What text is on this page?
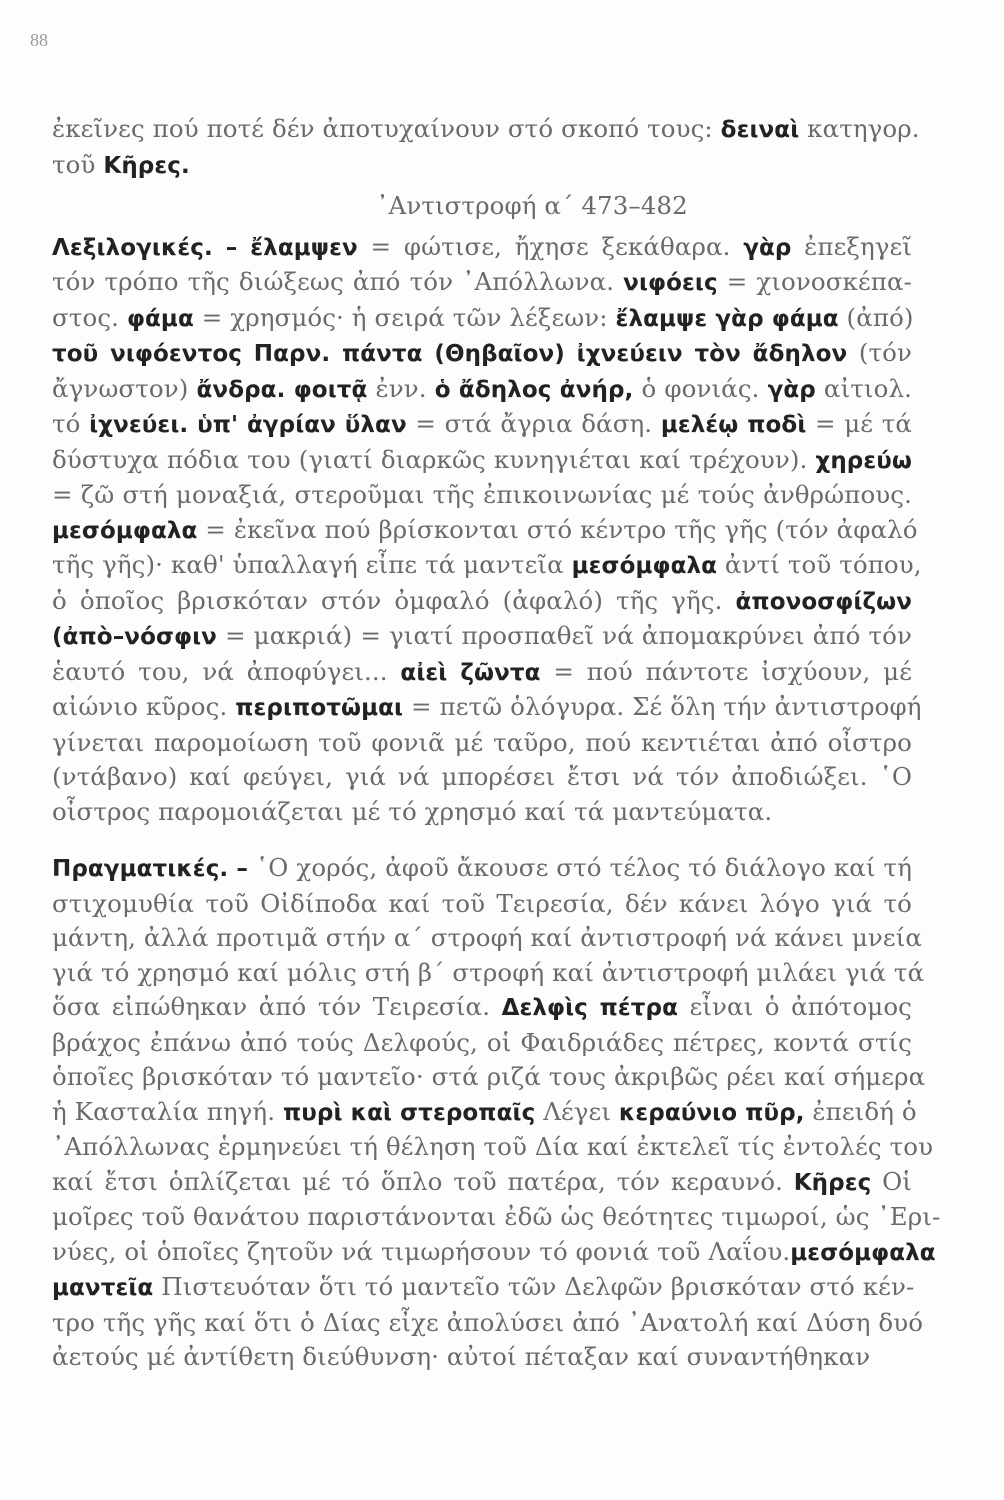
88
ἐκεῖνες πού ποτέ δέν ἀποτυχαίνουν στό σκοπό τους: δειναὶ κατηγορ.
τοῦ Κῆρες.
᾿Αντιστροφή α΄ 473–482
Λεξιλογικές. – ἔλαμψεν = φώτισε, ἤχησε ξεκάθαρα. γὰρ ἐπεξηγεῖ
τόν τρόπο τῆς διώξεως ἀπό τόν ᾿Απόλλωνα. νιφόεις = χιονοσκέπα-
στος. φάμα = χρησμός· ἡ σειρά τῶν λέξεων: ἔλαμψε γὰρ φάμα (ἀπό)
τοῦ νιφόεντος Παρν. πάντα (Θηβαῖον) ἰχνεύειν τὸν ἄδηλον (τόν
ἄγνωστον) ἄνδρα. φοιτᾷ ἐνν. ὁ ἄδηλος ἀνήρ, ὁ φονιάς. γὰρ αἰτιολ.
τό ἰχνεύει. ὑπ' ἀγρίαν ὕλαν = στά ἄγρια δάση. μελέῳ ποδὶ = μέ τά
δύστυχα πόδια του (γιατί διαρκῶς κυνηγιέται καί τρέχουν). χηρεύω
= ζῶ στή μοναξιά, στεροῦμαι τῆς ἐπικοινωνίας μέ τούς ἀνθρώπους.
μεσόμφαλα = ἐκεῖνα πού βρίσκονται στό κέντρο τῆς γῆς (τόν ἀφαλό
τῆς γῆς)· καθ' ὑπαλλαγή εἶπε τά μαντεῖα μεσόμφαλα ἀντί τοῦ τόπου,
ὁ ὁποῖος βρισκόταν στόν ὀμφαλό (ἀφαλό) τῆς γῆς. ἀπονοσφίζων
(ἀπὸ–νόσφιν = μακριά) = γιατί προσπαθεῖ νά ἀπομακρύνει ἀπό τόν
ἑαυτό του, νά ἀποφύγει... αἰεὶ ζῶντα = πού πάντοτε ἰσχύουν, μέ
αἰώνιο κῦρος. περιποτῶμαι = πετῶ ὁλόγυρα. Σέ ὅλη τήν ἀντιστροφή
γίνεται παρομοίωση τοῦ φονιᾶ μέ ταῦρο, πού κεντιέται ἀπό οἶστρο
(ντάβανο) καί φεύγει, γιά νά μπορέσει ἔτσι νά τόν ἀποδιώξει. ῾Ο
οἶστρος παρομοιάζεται μέ τό χρησμό καί τά μαντεύματα.
Πραγματικές. – ῾Ο χορός, ἀφοῦ ἄκουσε στό τέλος τό διάλογο καί τή
στιχομυθία τοῦ Οἰδίποδα καί τοῦ Τειρεσία, δέν κάνει λόγο γιά τό
μάντη, ἀλλά προτιμᾶ στήν α΄ στροφή καί ἀντιστροφή νά κάνει μνεία
γιά τό χρησμό καί μόλις στή β΄ στροφή καί ἀντιστροφή μιλάει γιά τά
ὅσα εἰπώθηκαν ἀπό τόν Τειρεσία. Δελφὶς πέτρα εἶναι ὁ ἀπότομος
βράχος ἐπάνω ἀπό τούς Δελφούς, οἱ Φαιδριάδες πέτρες, κοντά στίς
ὁποῖες βρισκόταν τό μαντεῖο· στά ριζά τους ἀκριβῶς ρέει καί σήμερα
ἡ Κασταλία πηγή. πυρὶ καὶ στεροπαῖς Λέγει κεραύνιο πῦρ, ἐπειδή ὁ
᾿Απόλλωνας ἑρμηνεύει τή θέληση τοῦ Δία καί ἐκτελεῖ τίς ἐντολές του
καί ἔτσι ὁπλίζεται μέ τό ὅπλο τοῦ πατέρα, τόν κεραυνό. Κῆρες Οἱ
μοῖρες τοῦ θανάτου παριστάνονται ἐδῶ ὡς θεότητες τιμωροί, ὡς ᾿Ερι-
νύες, οἱ ὁποῖες ζητοῦν νά τιμωρήσουν τό φονιά τοῦ Λαΐου.μεσόμφαλα
μαντεῖα Πιστευόταν ὅτι τό μαντεῖο τῶν Δελφῶν βρισκόταν στό κέν-
τρο τῆς γῆς καί ὅτι ὁ Δίας εἶχε ἀπολύσει ἀπό ᾿Ανατολή καί Δύση δυό
ἀετούς μέ ἀντίθετη διεύθυνση· αὐτοί πέταξαν καί συναντήθηκαν
